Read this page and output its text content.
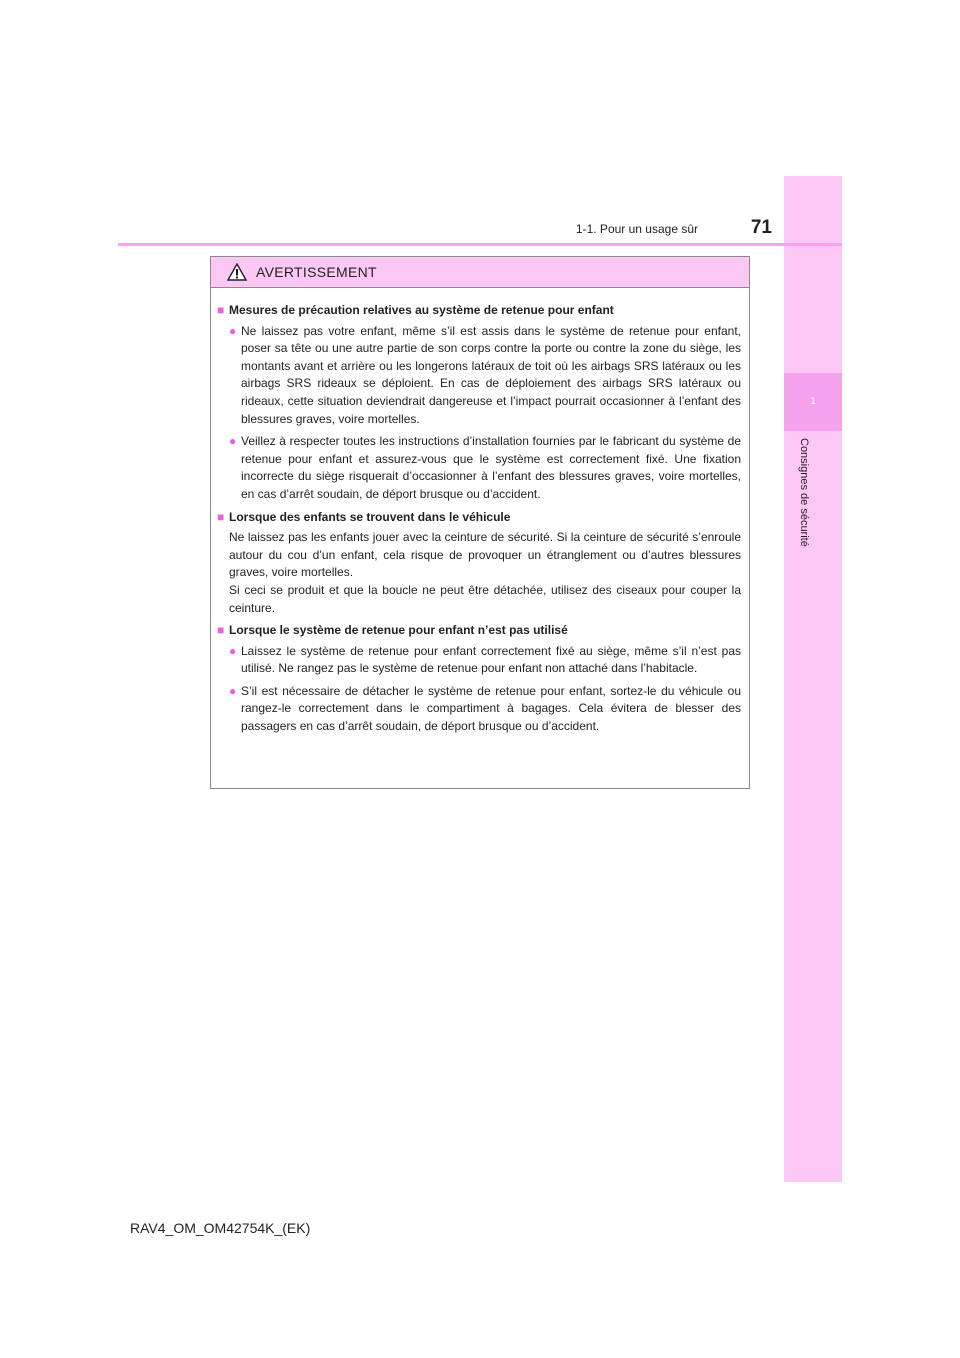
1
Consignes de sécurité
1-1. Pour un usage sûr	71
AVERTISSEMENT
■ Mesures de précaution relatives au système de retenue pour enfant
● Ne laissez pas votre enfant, même s’il est assis dans le système de retenue pour enfant, poser sa tête ou une autre partie de son corps contre la porte ou contre la zone du siège, les montants avant et arrière ou les longerons latéraux de toit où les airbags SRS latéraux ou les airbags SRS rideaux se déploient. En cas de déploiement des airbags SRS latéraux ou rideaux, cette situation deviendrait dangereuse et l’impact pourrait occasionner à l’enfant des blessures graves, voire mortelles.
● Veillez à respecter toutes les instructions d’installation fournies par le fabricant du système de retenue pour enfant et assurez-vous que le système est correctement fixé. Une fixation incorrecte du siège risquerait d’occasionner à l’enfant des blessures graves, voire mortelles, en cas d’arrêt soudain, de déport brusque ou d’accident.
■ Lorsque des enfants se trouvent dans le véhicule
Ne laissez pas les enfants jouer avec la ceinture de sécurité. Si la ceinture de sécurité s’enroule autour du cou d’un enfant, cela risque de provoquer un étranglement ou d’autres blessures graves, voire mortelles.
Si ceci se produit et que la boucle ne peut être détachée, utilisez des ciseaux pour couper la ceinture.
■ Lorsque le système de retenue pour enfant n’est pas utilisé
● Laissez le système de retenue pour enfant correctement fixé au siège, même s’il n’est pas utilisé. Ne rangez pas le système de retenue pour enfant non attaché dans l’habitacle.
● S’il est nécessaire de détacher le système de retenue pour enfant, sortez-le du véhicule ou rangez-le correctement dans le compartiment à bagages. Cela évitera de blesser des passagers en cas d’arrêt soudain, de déport brusque ou d’accident.
RAV4_OM_OM42754K_(EK)
